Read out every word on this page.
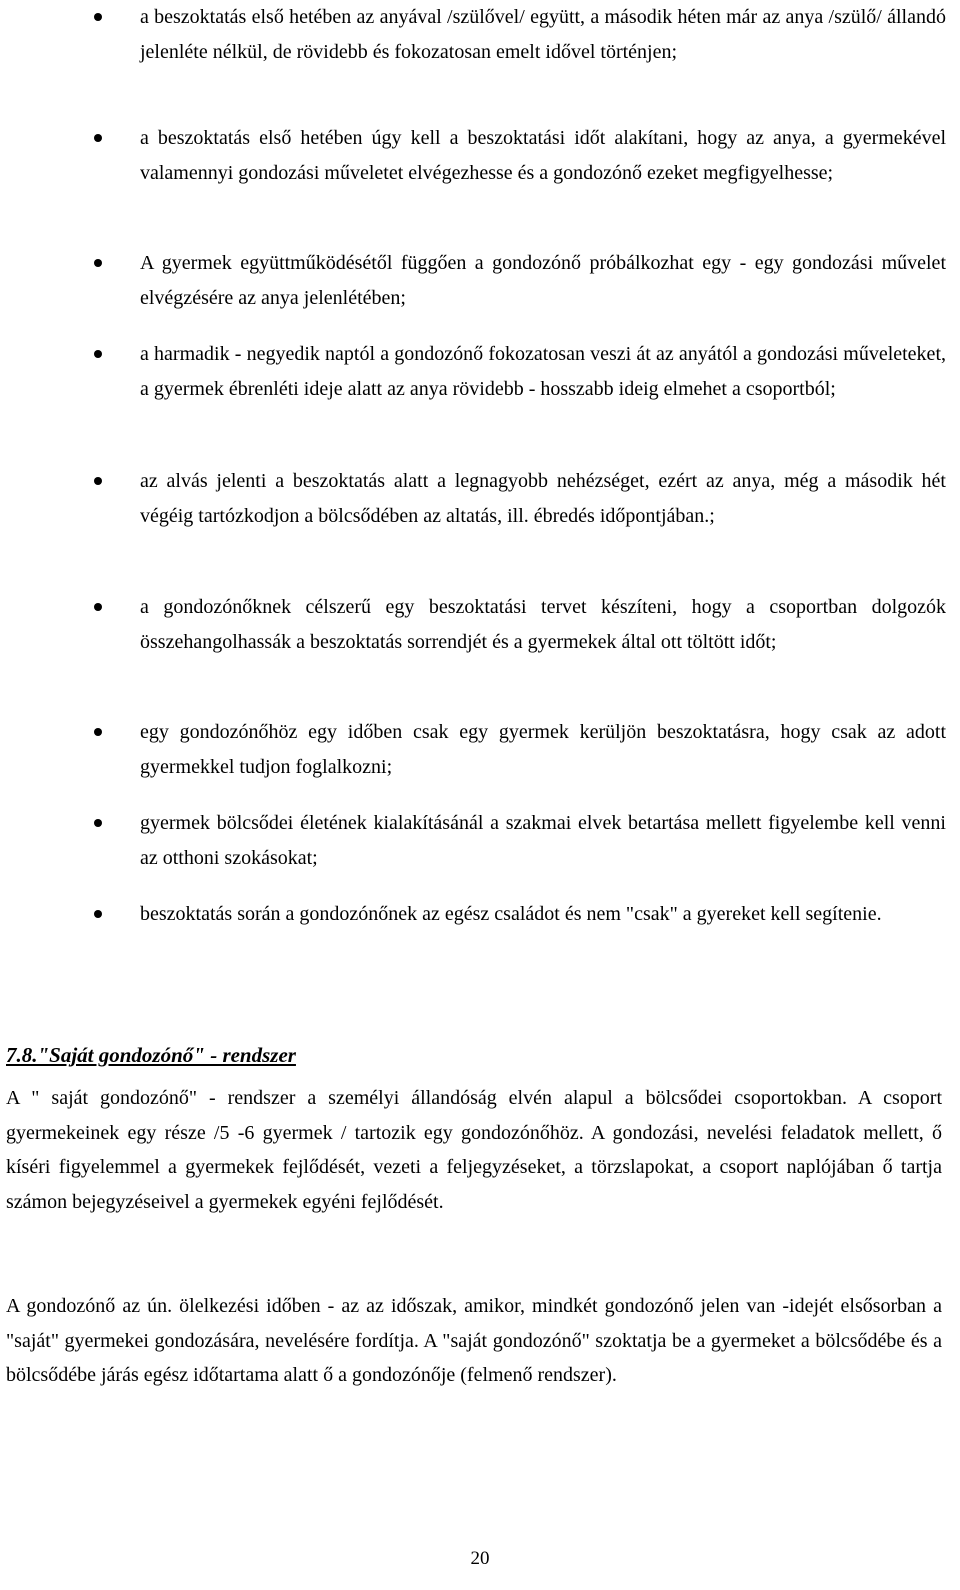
a beszoktatás első hetében az anyával /szülővel/ együtt, a második héten már az anya /szülő/ állandó jelenléte nélkül, de rövidebb és fokozatosan emelt idővel történjen;
a beszoktatás első hetében úgy kell a beszoktatási időt alakítani, hogy az anya, a gyermekével valamennyi gondozási műveletet elvégezhesse és a gondozónő ezeket megfigyelhesse;
A gyermek együttműködésétől függően a gondozónő próbálkozhat egy - egy gondozási művelet elvégzésére az anya jelenlétében;
a harmadik - negyedik naptól a gondozónő fokozatosan veszi át az anyától a gondozási műveleteket, a gyermek ébrenléti ideje alatt az anya rövidebb - hosszabb ideig elmehet a csoportból;
az alvás jelenti a beszoktatás alatt a legnagyobb nehézséget, ezért az anya, még a második hét végéig tartózkodjon a bölcsődében az altatás, ill. ébredés időpontjában.;
a gondozónőknek célszerű egy beszoktatási tervet készíteni, hogy a csoportban dolgozók összehangolhassák a beszoktatás sorrendjét és a gyermekek által ott töltött időt;
egy gondozónőhöz egy időben csak egy gyermek kerüljön beszoktatásra, hogy csak az adott gyermekkel tudjon foglalkozni;
gyermek bölcsődei életének kialakításánál a szakmai elvek betartása mellett figyelembe kell venni az otthoni szokásokat;
beszoktatás során a gondozónőnek az egész családot és nem "csak" a gyereket kell segítenie.
7.8."Saját gondozónő" - rendszer

A " saját gondozónő" - rendszer a személyi állandóság elvén alapul a bölcsődei csoportokban. A csoport gyermekeinek egy része /5 -6 gyermek / tartozik egy gondozónőhöz. A gondozási, nevelési feladatok mellett, ő kíséri figyelemmel a gyermekek fejlődését, vezeti a feljegyzéseket, a törzslapokat, a csoport naplójában ő tartja számon bejegyzéseivel a gyermekek egyéni fejlődését.

A gondozónő az ún. ölelkezési időben - az az időszak, amikor, mindkét gondozónő jelen van -idejét elsősorban a "saját" gyermekei gondozására, nevelésére fordítja. A "saját gondozónő" szoktatja be a gyermeket a bölcsődébe és a bölcsődébe járás egész időtartama alatt ő a gondozónője (felmenő rendszer).

20
